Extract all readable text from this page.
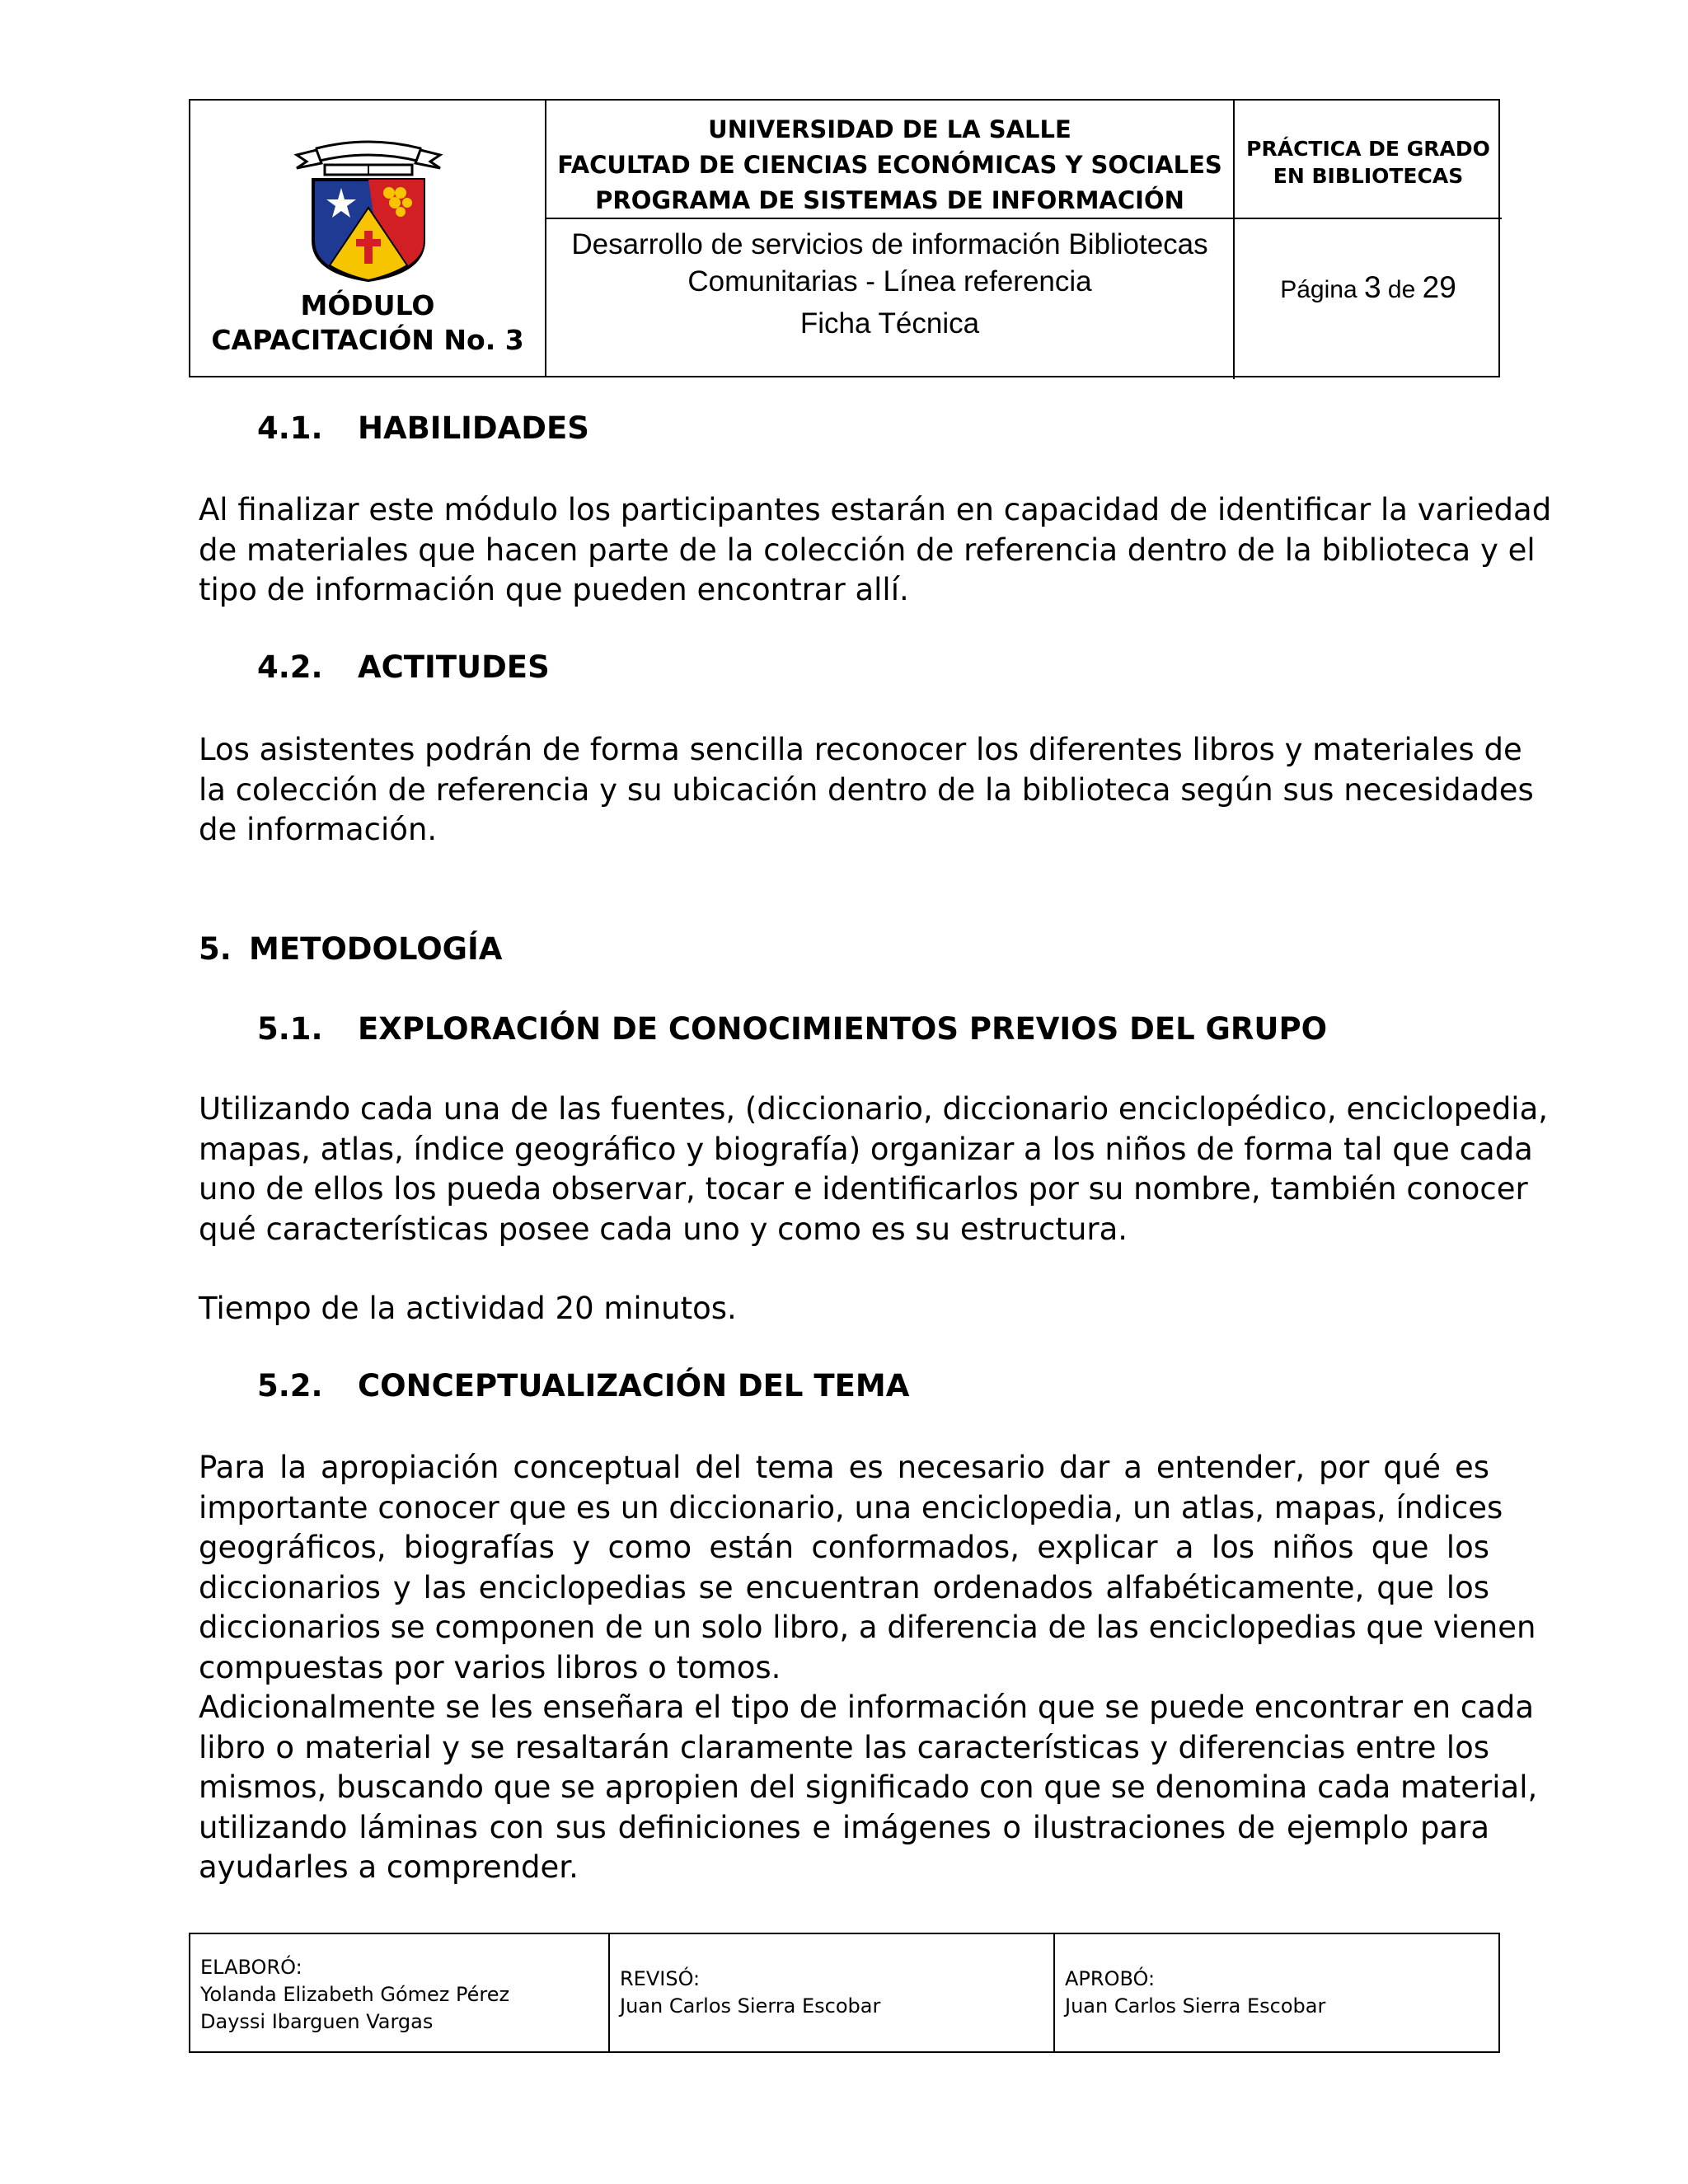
MÓDULO
CAPACITACIÓN No. 3
UNIVERSIDAD DE LA SALLE
FACULTAD DE CIENCIAS ECONÓMICAS Y SOCIALES
PROGRAMA DE SISTEMAS DE INFORMACIÓN
Desarrollo de servicios de información Bibliotecas
Comunitarias - Línea referencia
Ficha Técnica
PRÁCTICA DE GRADO
EN BIBLIOTECAS
Página 3 de 29
4.1. HABILIDADES
Al finalizar este módulo los participantes estarán en capacidad de identificar la variedad
de materiales que hacen parte de la colección de referencia dentro de la biblioteca y el
tipo de información que pueden encontrar allí.
4.2. ACTITUDES
Los asistentes podrán de forma sencilla reconocer los diferentes libros y materiales de
la colección de referencia y su ubicación dentro de la biblioteca según sus necesidades
de información.
5. METODOLOGÍA
5.1. EXPLORACIÓN DE CONOCIMIENTOS PREVIOS DEL GRUPO
Utilizando cada una de las fuentes, (diccionario, diccionario enciclopédico, enciclopedia,
mapas, atlas, índice geográfico y biografía) organizar a los niños de forma tal que cada
uno de ellos los pueda observar, tocar e identificarlos por su nombre, también conocer
qué características posee cada uno y como es su estructura.
Tiempo de la actividad 20 minutos.
5.2. CONCEPTUALIZACIÓN DEL TEMA
Para la apropiación conceptual del tema es necesario dar a entender, por qué es
importante conocer que es un diccionario, una enciclopedia, un atlas, mapas, índices
geográficos, biografías y como están conformados, explicar a los niños que los
diccionarios y las enciclopedias se encuentran ordenados alfabéticamente, que los
diccionarios se componen de un solo libro, a diferencia de las enciclopedias que vienen
compuestas por varios libros o tomos.
Adicionalmente se les enseñara el tipo de información que se puede encontrar en cada
libro o material y se resaltarán claramente las características y diferencias entre los
mismos, buscando que se apropien del significado con que se denomina cada material,
utilizando láminas con sus definiciones e imágenes o ilustraciones de ejemplo para
ayudarles a comprender.
ELABORÓ:
Yolanda Elizabeth Gómez Pérez
Dayssi Ibarguen Vargas
REVISÓ:
Juan Carlos Sierra Escobar
APROBÓ:
Juan Carlos Sierra Escobar
